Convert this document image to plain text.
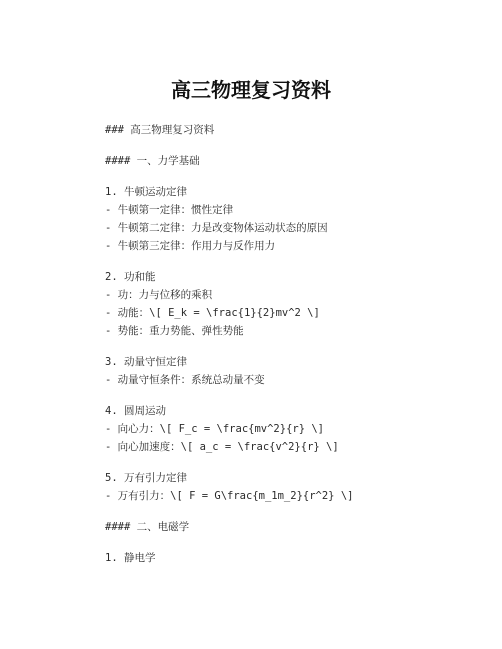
高三物理复习资料

### 高三物理复习资料

#### 一、力学基础

1. 牛顿运动定律

- 牛顿第一定律：惯性定律

- 牛顿第二定律：力是改变物体运动状态的原因

- 牛顿第三定律：作用力与反作用力

2. 功和能

- 功：力与位移的乘积

- 动能：\[ E_k = \frac{1}{2}mv^2 \]

- 势能：重力势能、弹性势能

3. 动量守恒定律

- 动量守恒条件：系统总动量不变

4. 圆周运动

- 向心力：\[ F_c = \frac{mv^2}{r} \]

- 向心加速度：\[ a_c = \frac{v^2}{r} \]

5. 万有引力定律

- 万有引力：\[ F = G\frac{m_1m_2}{r^2} \]

#### 二、电磁学

1. 静电学
